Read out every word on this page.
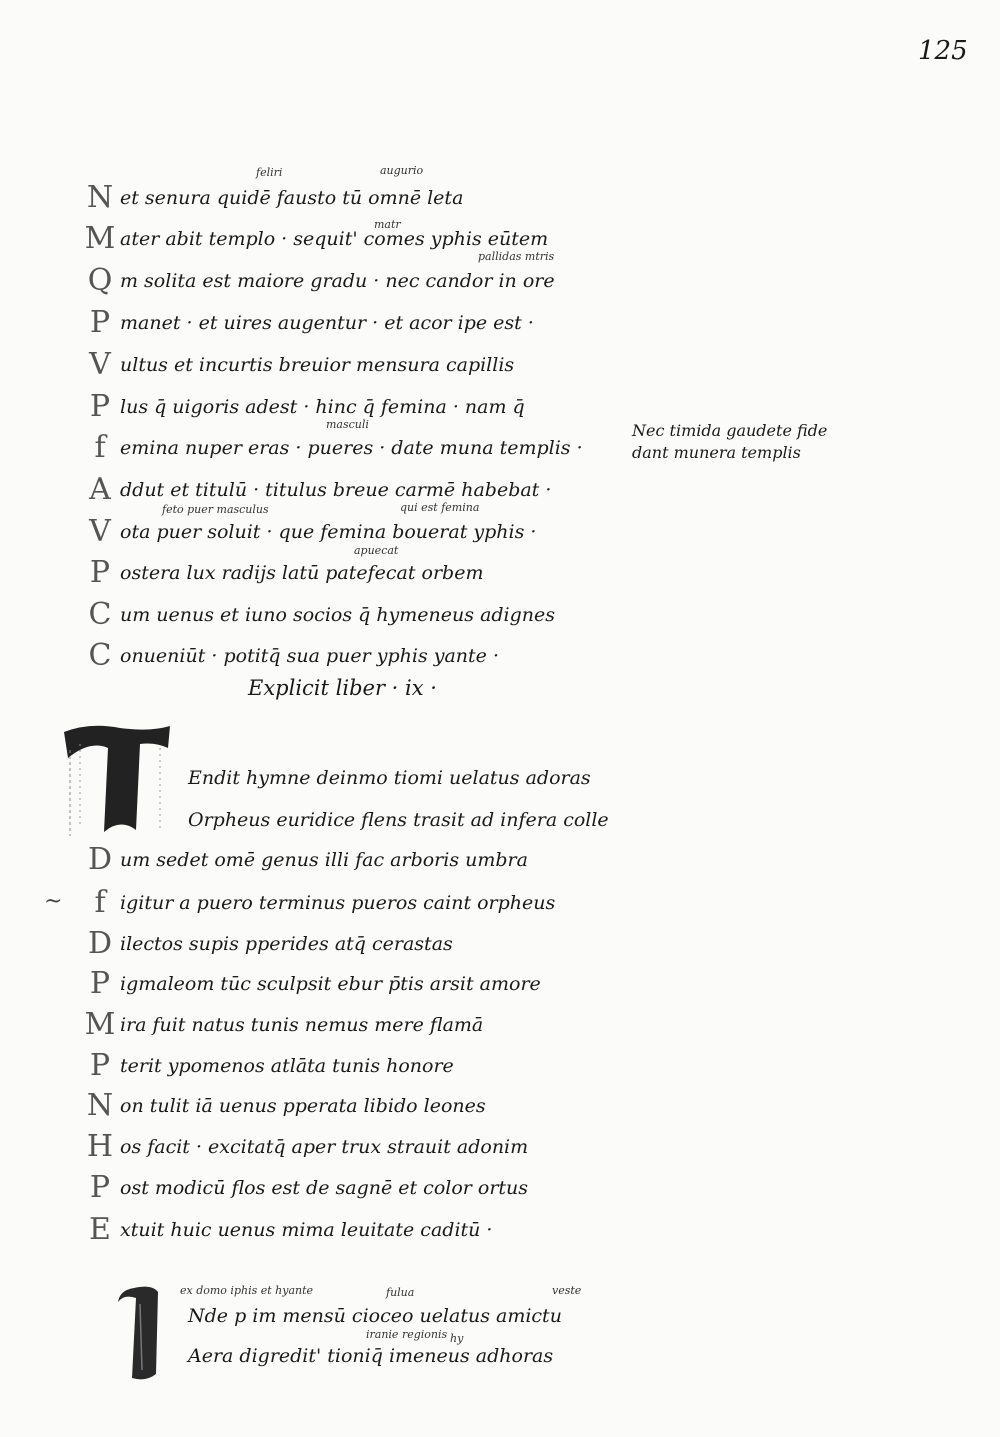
125
N et senura quidē fausto tū omnē leta
M ater abit templo · sequit' comes yphis eūtem
Q m solita est maiore gradu · nec candor in ore
P manet · et uires augentur · et acor ipe est ·
V ultus et incurtis breuior mensura capillis
P lus q̄ uigoris adest · hinc q̄ femina · nam q̄
f emina nuper eras · pueres · date muna templis ·
A ddut et titulū · titulus breue carmē habebat ·
V ota puer soluit · que femina bouerat yphis ·
P ostera lux radijs latū patefecat orbem
C um uenus et iuno socios q̄ hymeneus adignes
C onueniūt · potitq̄ sua puer yphis yante ·
feliri	augurio
matr
pallidas mtris
masculi
feto puer masculus	qui est femina
apuecat
Nec timida gaudete fide
dant munera templis
Explicit liber · ix ·
Endit hymne deinmo tiomi uelatus adoras
Orpheus euridice flens trasit ad infera colle
D um sedet omē genus illi fac arboris umbra
~	f igitur a puero terminus pueros caint orpheus
D ilectos supis pperides atq̄ cerastas
P igmaleom tūc sculpsit ebur p̄tis arsit amore
M ira fuit natus tunis nemus mere flamā
P terit ypomenos atlāta tunis honore
N on tulit iā uenus pperata libido leones
H os facit · excitatq̄ aper trux strauit adonim
P ost modicū flos est de sagnē et color ortus
E xtuit huic uenus mima leuitate caditū ·
ex domo iphis et hyante	fulua	veste
iranie regionis hy
Nde p im mensū cioceo uelatus amictu
Aera digredit' tioniq̄ imeneus adhoras
